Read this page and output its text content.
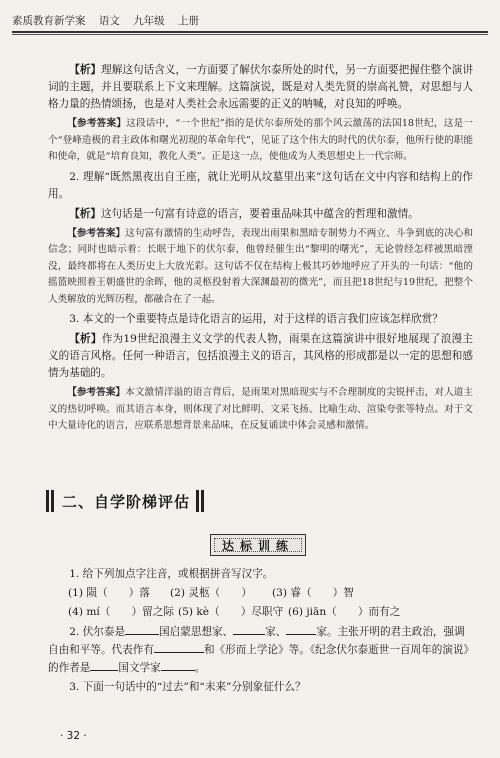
素质教育新学案 语文 九年级 上册

【析】理解这句话含义，一方面要了解伏尔泰所处的时代，另一方面要把握住整个演讲词的主题，并且要联系上下文来理解。这篇演说，既是对人类先贤的崇高礼赞，对思想与人格力量的热情颂扬，也是对人类社会永远需要的正义的呐喊，对良知的呼唤。

【参考答案】这段话中，“一个世纪”指的是伏尔泰所处的那个风云激荡的法国18世纪，这是一个“登峰造极的君主政体和曙光初现的革命年代”，见证了这个伟大的时代的伏尔泰，他所行使的职能和使命，就是“培育良知，教化人类”。正是这一点，使他成为人类思想史上一代宗师。

2. 理解“既然黑夜出自王座，就让光明从坟墓里出来”这句话在文中内容和结构上的作用。

【析】这句话是一句富有诗意的语言，要着重品味其中蕴含的哲理和激情。

【参考答案】这句富有激情的生动呼告，表现出雨果和黑暗专制势力不两立、斗争到底的决心和信念；同时也暗示着：长眠于地下的伏尔泰，他曾经催生出“黎明的曙光”，无论曾经怎样被黑暗湮没，最终都将在人类历史上大放光彩。这句话不仅在结构上极其巧妙地呼应了开头的一句话：“他的摇篮映照着王朝盛世的余晖，他的灵柩投射着大深渊最初的微光”，而且把18世纪与19世纪，把整个人类解放的光辉历程，都融合在了一起。

3. 本文的一个重要特点是诗化语言的运用，对于这样的语言我们应该怎样欣赏？

【析】作为19世纪浪漫主义文学的代表人物，雨果在这篇演讲中很好地展现了浪漫主义的语言风格。任何一种语言，包括浪漫主义的语言，其风格的形成都是以一定的思想和感情为基础的。

【参考答案】本文激情洋溢的语言背后，是雨果对黑暗现实与不合理制度的尖锐抨击，对人道主义的热切呼唤。而其语言本身，则体现了对比鲜明、文采飞扬、比喻生动、渲染夸张等特点。对于文中大量诗化的语言，应联系思想背景来品味，在反复诵读中体会灵感和激情。

二、自学阶梯评估
达标训练
1. 给下列加点字注音，或根据拼音写汉字。
(1) 陨（　　）落	(2) 灵柩（　　）	(3) 睿（　　）智
(4) mí（　　）留之际 (5) kè（　　）尽职守 (6) jiān（　　）而有之
2. 伏尔泰是	国启蒙思想家、	家、	家。主张开明的君主政治，强调自由和平等。代表作有	和《形而上学论》等。《纪念伏尔泰逝世一百周年的演说》的作者是	国文学家	。
3. 下面一句话中的“过去”和“未来”分别象征什么？
· 32 ·
